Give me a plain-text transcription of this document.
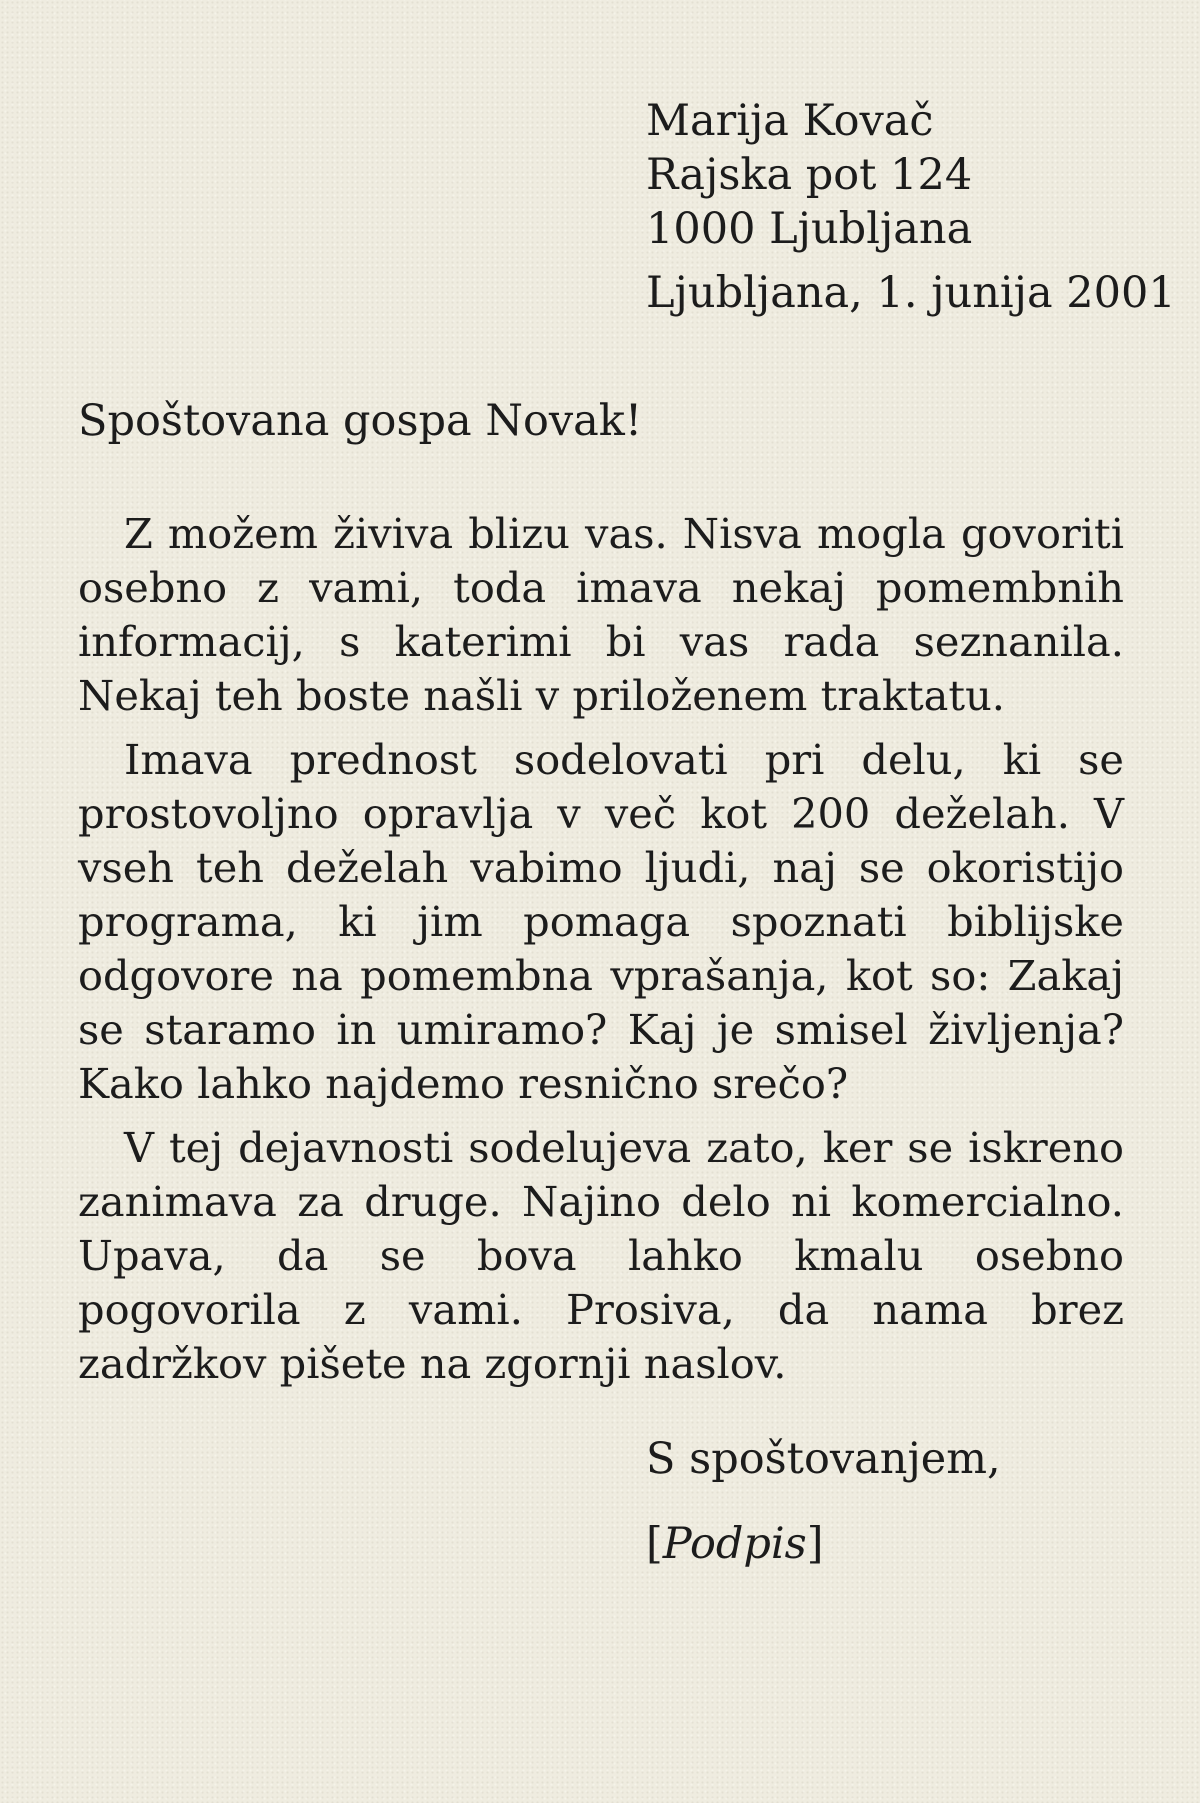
Marija Kovač
Rajska pot 124
1000 Ljubljana
Ljubljana, 1. junija 2001
Spoštovana gospa Novak!

Z možem živiva blizu vas. Nisva mogla govoriti osebno z vami, toda imava nekaj pomembnih informacij, s katerimi bi vas rada seznanila. Nekaj teh boste našli v priloženem traktatu.

Imava prednost sodelovati pri delu, ki se prostovoljno opravlja v več kot 200 deželah. V vseh teh deželah vabimo ljudi, naj se okoristijo programa, ki jim pomaga spoznati biblijske odgovore na pomembna vprašanja, kot so: Zakaj se staramo in umiramo? Kaj je smisel življenja? Kako lahko najdemo resnično srečo?

V tej dejavnosti sodelujeva zato, ker se iskreno zanimava za druge. Najino delo ni komercialno. Upava, da se bova lahko kmalu osebno pogovorila z vami. Prosiva, da nama brez zadržkov pišete na zgornji naslov.

S spoštovanjem,
[Podpis]
